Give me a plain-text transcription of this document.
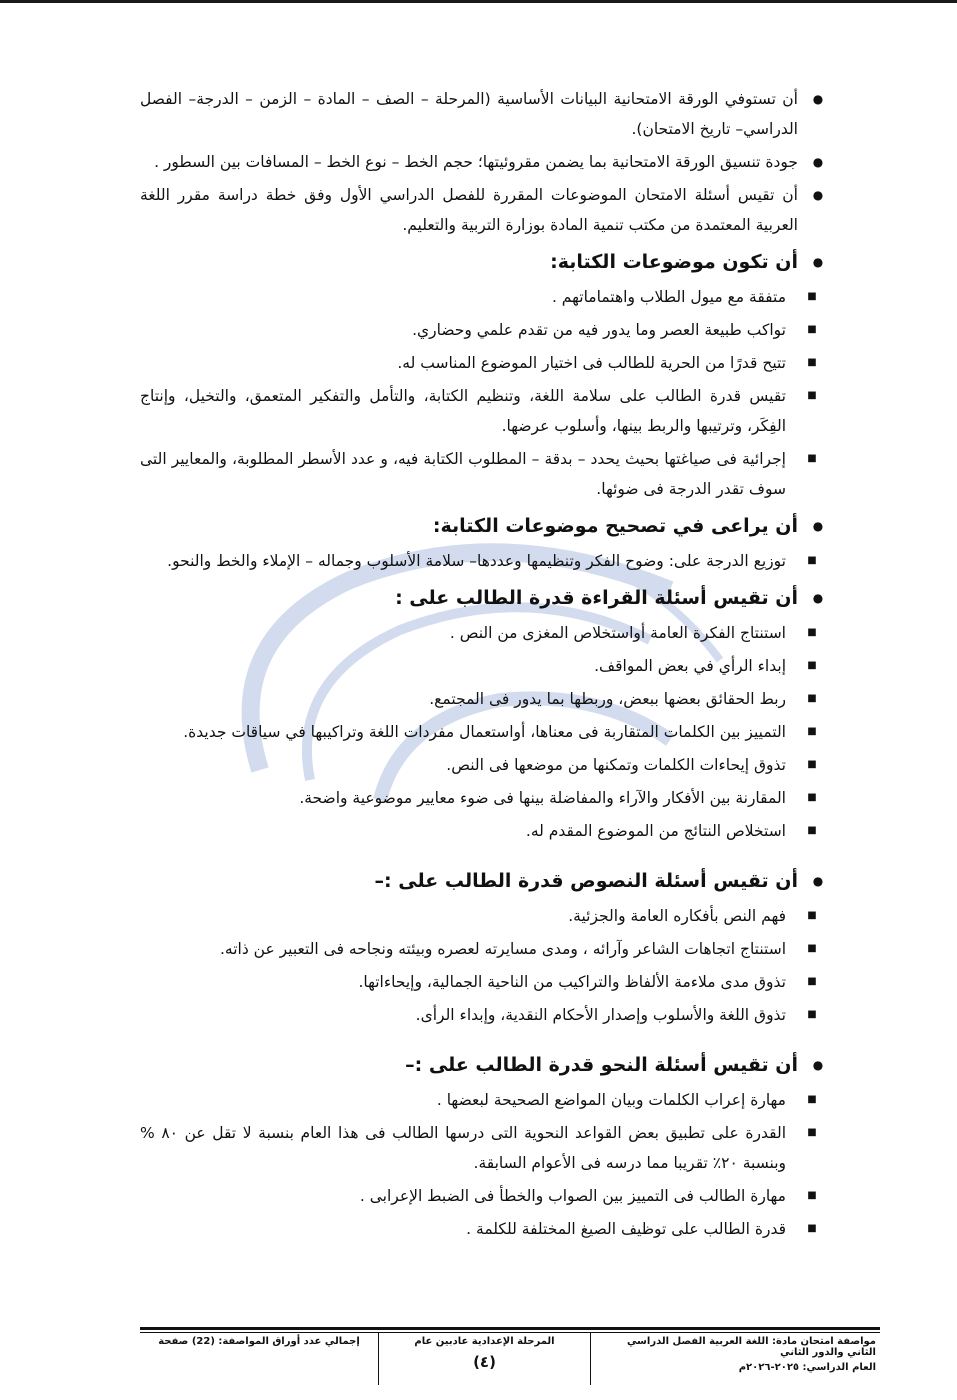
●
أن تستوفي الورقة الامتحانية البيانات الأساسية (المرحلة – الصف – المادة – الزمن – الدرجة– الفصل الدراسي– تاريخ الامتحان).
●
جودة تنسيق الورقة الامتحانية بما يضمن مقروئيتها؛ حجم الخط – نوع الخط – المسافات بين السطور .
●
أن تقيس أسئلة الامتحان الموضوعات المقررة للفصل الدراسي الأول وفق خطة دراسة مقرر اللغة العربية المعتمدة من مكتب تنمية المادة بوزارة التربية والتعليم.
●
أن تكون موضوعات الكتابة:
■
متفقة مع ميول الطلاب واهتماماتهم .
■
تواكب طبيعة العصر وما يدور فيه من تقدم علمي وحضاري.
■
تتيح قدرًا من الحرية للطالب فى اختيار الموضوع المناسب له.
■
تقيس قدرة الطالب على سلامة اللغة، وتنظيم الكتابة، والتأمل والتفكير المتعمق، والتخيل، وإنتاج الفِكَر، وترتيبها والربط بينها، وأسلوب عرضها.
■
إجرائية فى صياغتها بحيث يحدد – بدقة – المطلوب الكتابة فيه، و عدد الأسطر المطلوبة، والمعايير التى سوف تقدر الدرجة فى ضوئها.
●
أن يراعى في تصحيح موضوعات الكتابة:
■
توزيع الدرجة على: وضوح الفكر وتنظيمها وعددها– سلامة الأسلوب وجماله – الإملاء والخط والنحو.
●
أن تقيس أسئلة القراءة قدرة الطالب على :
■
استنتاج الفكرة العامة أواستخلاص المغزى من النص .
■
إبداء الرأي في بعض المواقف.
■
ربط الحقائق بعضها ببعض، وربطها بما يدور فى المجتمع.
■
التمييز بين الكلمات المتقاربة فى معناها، أواستعمال مفردات اللغة وتراكيبها في سياقات جديدة.
■
تذوق إيحاءات الكلمات وتمكنها من موضعها فى النص.
■
المقارنة بين الأفكار والآراء والمفاضلة بينها فى ضوء معايير موضوعية واضحة.
■
استخلاص النتائج من الموضوع المقدم له.
●
أن تقيس أسئلة النصوص قدرة الطالب على :–
■
فهم النص بأفكاره العامة والجزئية.
■
استنتاج اتجاهات الشاعر وآرائه ، ومدى مسايرته لعصره وبيئته ونجاحه فى التعبير عن ذاته.
■
تذوق مدى ملاءمة الألفاظ والتراكيب من الناحية الجمالية، وإيحاءاتها.
■
تذوق اللغة والأسلوب وإصدار الأحكام النقدية، وإبداء الرأى.
●
أن تقيس أسئلة النحو قدرة الطالب على :–
■
مهارة إعراب الكلمات وبيان المواضع الصحيحة لبعضها .
■
القدرة على تطبيق بعض القواعد النحوية التى درسها الطالب فى هذا العام بنسبة لا تقل عن ٨٠ % وبنسبة ٢٠٪ تقريبا مما درسه فى الأعوام السابقة.
■
مهارة الطالب فى التمييز بين الصواب والخطأ فى الضبط الإعرابى .
■
قدرة الطالب على توظيف الصيغ المختلفة للكلمة .
مواصفة امتحان مادة: اللغة العربية الفصل الدراسي الثاني والدور الثاني
العام الدراسي: ٢٠٢٥-٢٠٢٦م
المرحلة الإعدادية عادبين عام
(٤)
إجمالي عدد أوراق المواصفة: (22) صفحة
